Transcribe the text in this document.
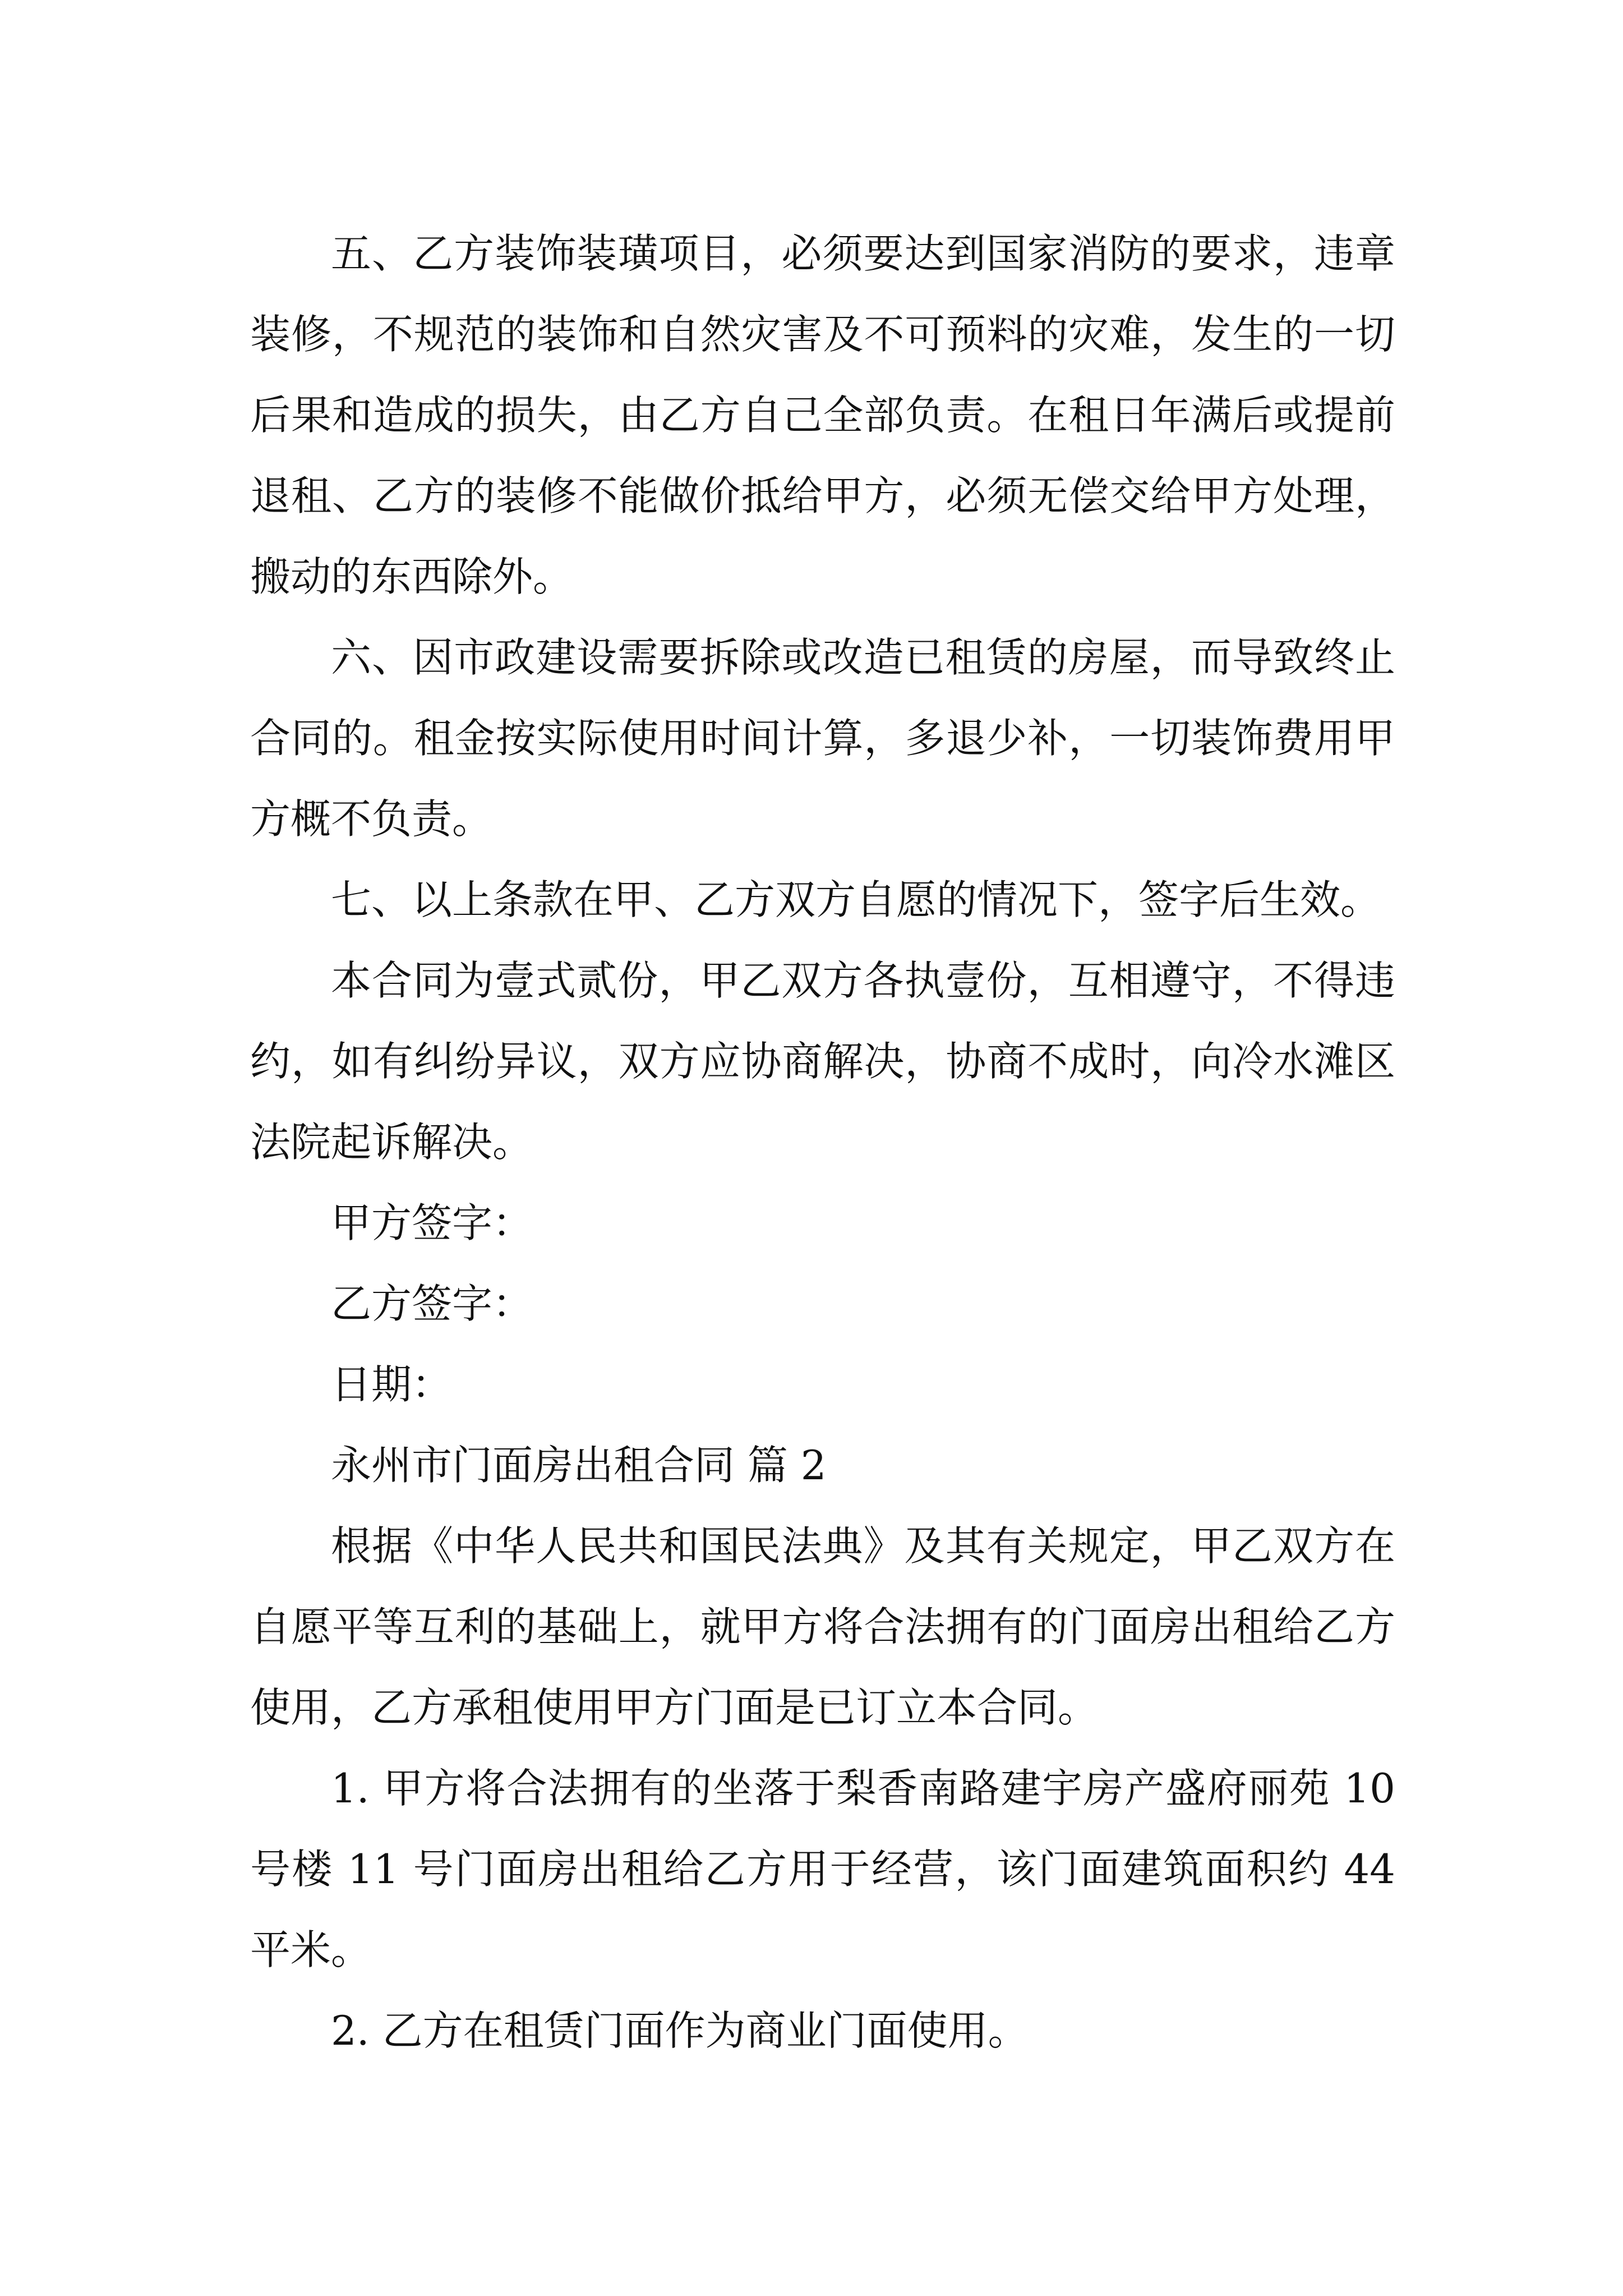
五、乙方装饰装璜项目，必须要达到国家消防的要求，违章装修，不规范的装饰和自然灾害及不可预料的灾难，发生的一切后果和造成的损失，由乙方自己全部负责。在租日年满后或提前退租、乙方的装修不能做价抵给甲方，必须无偿交给甲方处理，搬动的东西除外。

六、因市政建设需要拆除或改造已租赁的房屋，而导致终止合同的。租金按实际使用时间计算，多退少补，一切装饰费用甲方概不负责。

七、以上条款在甲、乙方双方自愿的情况下，签字后生效。

本合同为壹式贰份，甲乙双方各执壹份，互相遵守，不得违约，如有纠纷异议，双方应协商解决，协商不成时，向冷水滩区法院起诉解决。

甲方签字：

乙方签字：

日期：

永州市门面房出租合同 篇 2

根据《中华人民共和国民法典》及其有关规定，甲乙双方在自愿平等互利的基础上，就甲方将合法拥有的门面房出租给乙方使用，乙方承租使用甲方门面是已订立本合同。

1. 甲方将合法拥有的坐落于梨香南路建宇房产盛府丽苑 10 号楼 11 号门面房出租给乙方用于经营，该门面建筑面积约 44 平米。

2. 乙方在租赁门面作为商业门面使用。
